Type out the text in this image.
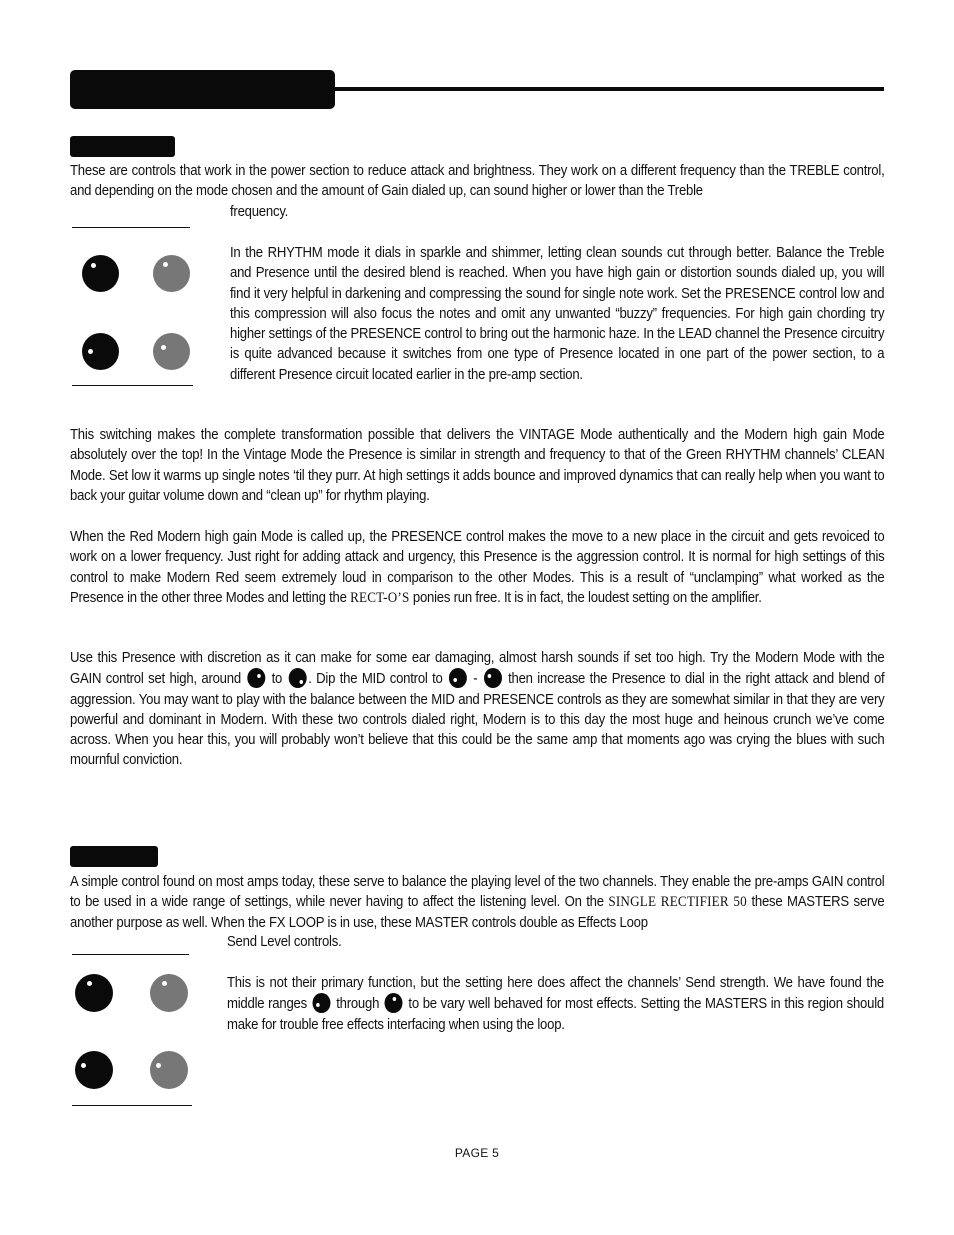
These are controls that work in the power section to reduce attack and brightness. They work on a different frequency than the TREBLE control, and depending on the mode chosen and the amount of Gain dialed up, can sound higher or lower than the Treble

frequency.

In the RHYTHM mode it dials in sparkle and shimmer, letting clean sounds cut through better. Balance the Treble and Presence until the desired blend is reached. When you have high gain or distortion sounds dialed up, you will find it very helpful in darkening and compressing the sound for single note work. Set the PRESENCE control low and this compression will also focus the notes and omit any unwanted “buzzy” frequencies. For high gain chording try higher settings of the PRESENCE control to bring out the harmonic haze. In the LEAD channel the Presence circuitry is quite advanced because it switches from one type of Presence located in one part of the power section, to a different Presence circuit located earlier in the pre-amp section.

This switching makes the complete transformation possible that delivers the VINTAGE Mode authentically and the Modern high gain Mode absolutely over the top! In the Vintage Mode the Presence is similar in strength and frequency to that of the Green RHYTHM channels’ CLEAN Mode. Set low it warms up single notes ‘til they purr. At high settings it adds bounce and improved dynamics that can really help when you want to back your guitar volume down and “clean up” for rhythm playing.

When the Red Modern high gain Mode is called up, the PRESENCE control makes the move to a new place in the circuit and gets revoiced to work on a lower frequency. Just right for adding attack and urgency, this Presence is the aggression control. It is normal for high settings of this control to make Modern Red seem extremely loud in comparison to the other Modes. This is a result of “unclamping” what worked as the Presence in the other three Modes and letting the RECT-O’S ponies run free. It is in fact, the loudest setting on the amplifier.

Use this Presence with discretion as it can make for some ear damaging, almost harsh sounds if set too high. Try the Modern Mode with the GAIN control set high, around to . Dip the MID control to - then increase the Presence to dial in the right attack and blend of aggression. You may want to play with the balance between the MID and PRESENCE controls as they are somewhat similar in that they are very powerful and dominant in Modern. With these two controls dialed right, Modern is to this day the most huge and heinous crunch we’ve come across. When you hear this, you will probably won’t believe that this could be the same amp that moments ago was crying the blues with such mournful conviction.

A simple control found on most amps today, these serve to balance the playing level of the two channels. They enable the pre-amps GAIN control to be used in a wide range of settings, while never having to affect the listening level. On the SINGLE RECTIFIER 50 these MASTERS serve another purpose as well. When the FX LOOP is in use, these MASTER controls double as Effects Loop

Send Level controls.

This is not their primary function, but the setting here does affect the channels’ Send strength. We have found the middle ranges through to be vary well behaved for most effects. Setting the MASTERS in this region should make for trouble free effects interfacing when using the loop.

PAGE 5
